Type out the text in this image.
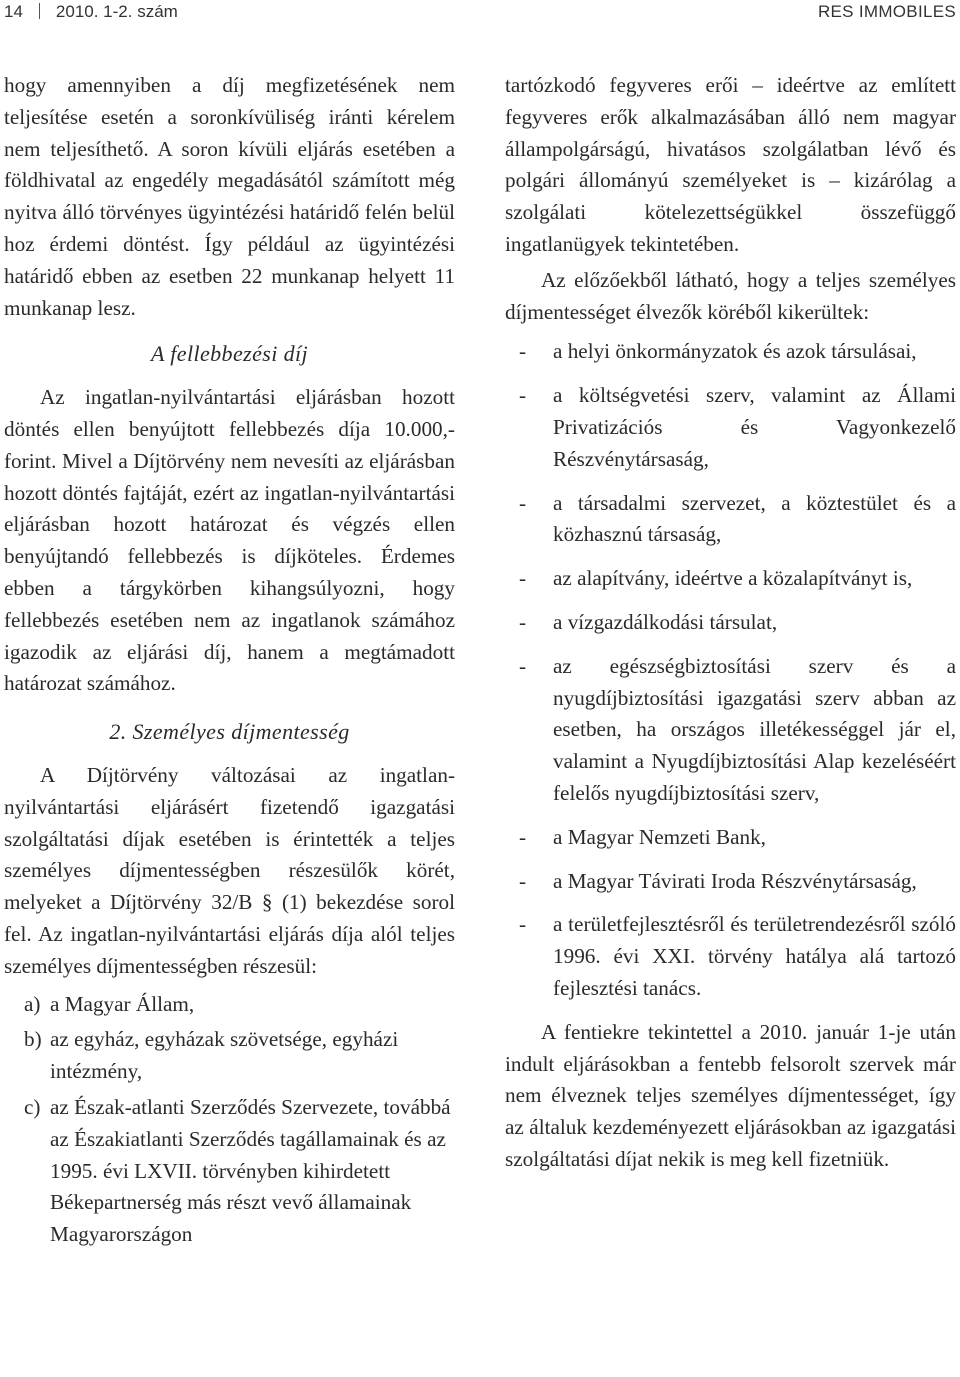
14 2010. 1-2. szám	RES IMMOBILES

hogy amennyiben a díj megfizetésének nem teljesítése esetén a soronkívüliség iránti kérelem nem teljesíthető. A soron kívüli eljárás esetében a földhivatal az engedély megadásától számított még nyitva álló törvényes ügyintézési határidő felén belül hoz érdemi döntést. Így például az ügyintézési határidő ebben az esetben 22 munkanap helyett 11 munkanap lesz.

A fellebbezési díj

Az ingatlan-nyilvántartási eljárásban hozott döntés ellen benyújtott fellebbezés díja 10.000,- forint. Mivel a Díjtörvény nem nevesíti az eljárásban hozott döntés fajtáját, ezért az ingatlan-nyilvántartási eljárásban hozott határozat és végzés ellen benyújtandó fellebbezés is díjköteles. Érdemes ebben a tárgykörben kihangsúlyozni, hogy fellebbezés esetében nem az ingatlanok számához igazodik az eljárási díj, hanem a megtámadott határozat számához.

2. Személyes díjmentesség

A Díjtörvény változásai az ingatlan-nyilvántartási eljárásért fizetendő igazgatási szolgáltatási díjak esetében is érintették a teljes személyes díjmentességben részesülők körét, melyeket a Díjtörvény 32/B § (1) bekezdése sorol fel. Az ingatlan-nyilvántartási eljárás díja alól teljes személyes díjmentességben részesül:

a) a Magyar Állam,
b) az egyház, egyházak szövetsége, egyházi intézmény,
c) az Észak-atlanti Szerződés Szervezete, továbbá az Északiatlanti Szerződés tagállamainak és az 1995. évi LXVII. törvényben kihirdetett Békepartnerség más részt vevő államainak Magyarországon

tartózkodó fegyveres erői – ideértve az említett fegyveres erők alkalmazásában álló nem magyar állampolgárságú, hivatásos szolgálatban lévő és polgári állományú személyeket is – kizárólag a szolgálati kötelezettségükkel összefüggő ingatlanügyek tekintetében.

Az előzőekből látható, hogy a teljes személyes díjmentességet élvezők köréből kikerültek:

- a helyi önkormányzatok és azok társulásai,
- a költségvetési szerv, valamint az Állami Privatizációs és Vagyonkezelő Részvénytársaság,
- a társadalmi szervezet, a köztestület és a közhasznú társaság,
- az alapítvány, ideértve a közalapítványt is,
- a vízgazdálkodási társulat,
- az egészségbiztosítási szerv és a nyugdíjbiztosítási igazgatási szerv abban az esetben, ha országos illetékességgel jár el, valamint a Nyugdíjbiztosítási Alap kezeléséért felelős nyugdíjbiztosítási szerv,
- a Magyar Nemzeti Bank,
- a Magyar Távirati Iroda Részvénytársaság,
- a területfejlesztésről és területrendezésről szóló 1996. évi XXI. törvény hatálya alá tartozó fejlesztési tanács.

A fentiekre tekintettel a 2010. január 1-je után indult eljárásokban a fentebb felsorolt szervek már nem élveznek teljes személyes díjmentességet, így az általuk kezdeményezett eljárásokban az igazgatási szolgáltatási díjat nekik is meg kell fizetniük.
